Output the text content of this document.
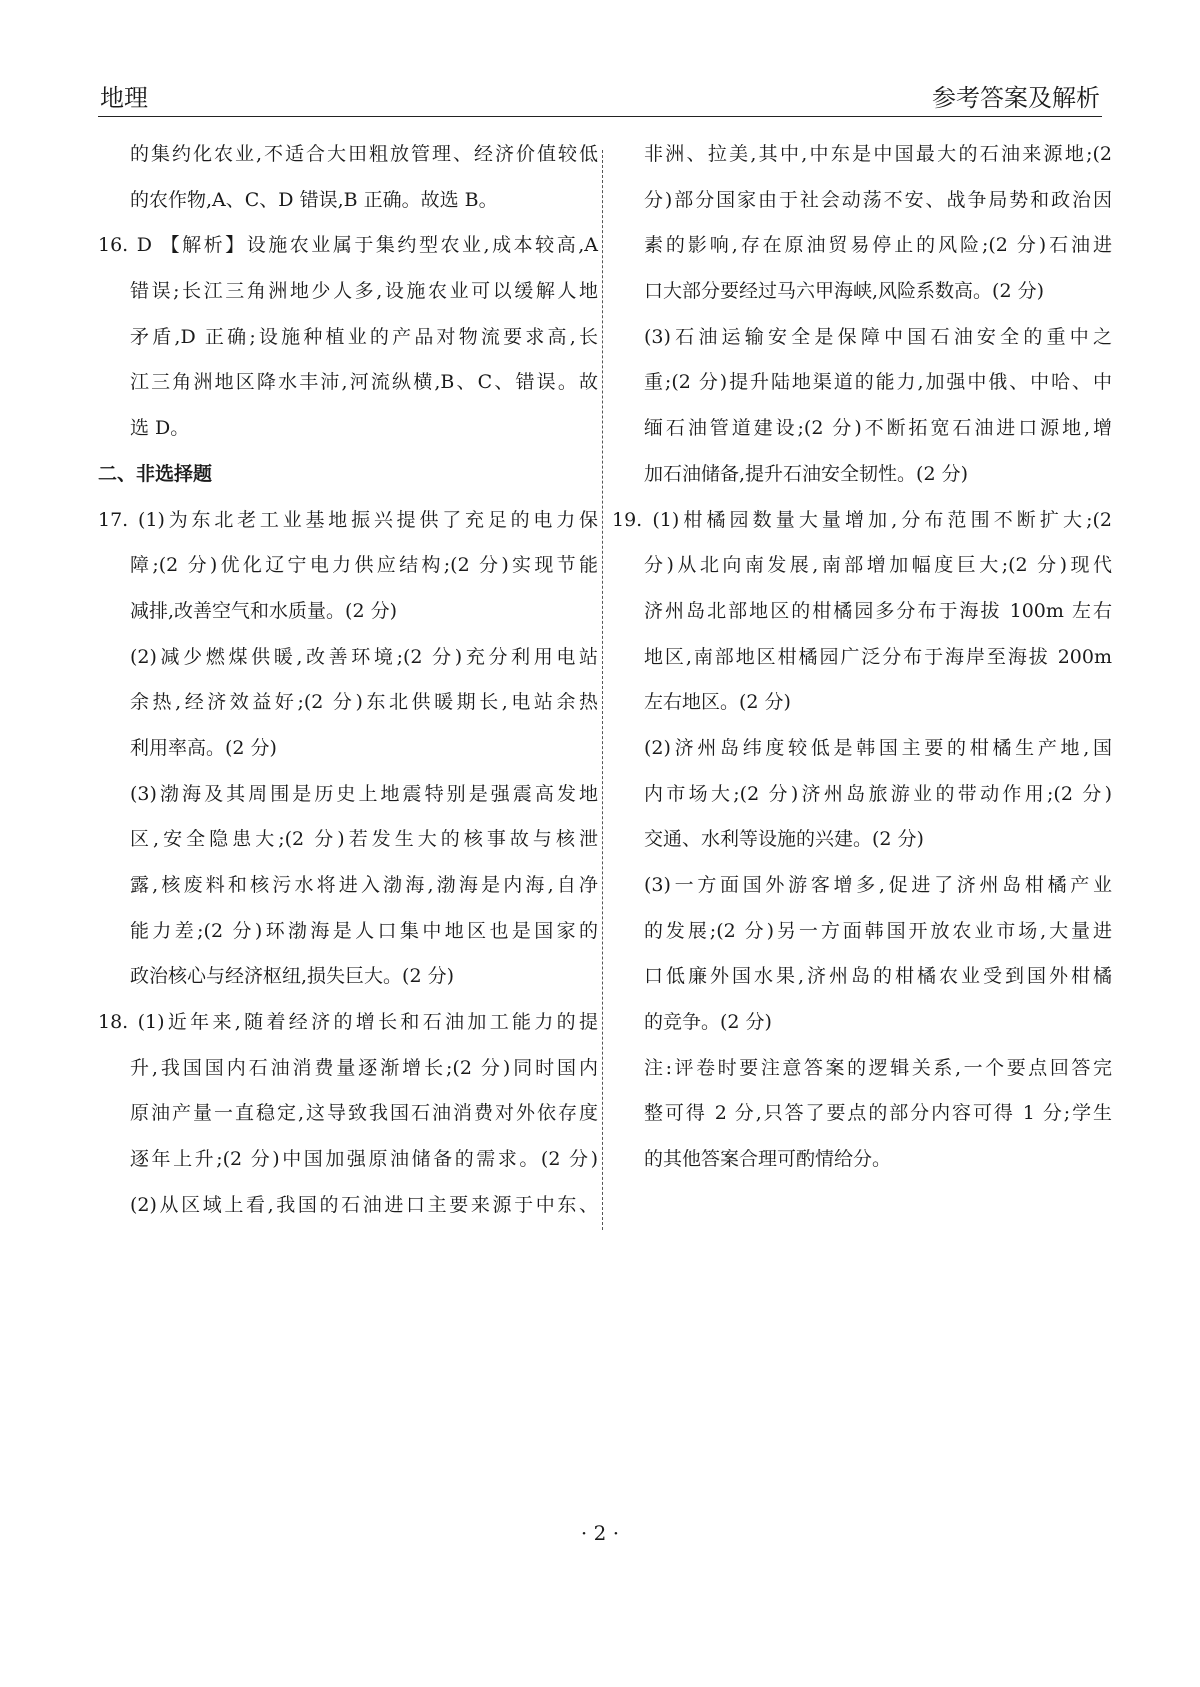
地理	参考答案及解析
的集约化农业,不适合大田粗放管理、经济价值较低
的农作物,A、C、D 错误,B 正确。故选 B。
16. D 【解析】设施农业属于集约型农业,成本较高,A
错误;长江三角洲地少人多,设施农业可以缓解人地
矛盾,D 正确;设施种植业的产品对物流要求高,长
江三角洲地区降水丰沛,河流纵横,B、C、错误。故
选 D。
二、非选择题
17. (1)为东北老工业基地振兴提供了充足的电力保
障;(2 分)优化辽宁电力供应结构;(2 分)实现节能
减排,改善空气和水质量。(2 分)
(2)减少燃煤供暖,改善环境;(2 分)充分利用电站
余热,经济效益好;(2 分)东北供暖期长,电站余热
利用率高。(2 分)
(3)渤海及其周围是历史上地震特别是强震高发地
区,安全隐患大;(2 分)若发生大的核事故与核泄
露,核废料和核污水将进入渤海,渤海是内海,自净
能力差;(2 分)环渤海是人口集中地区也是国家的
政治核心与经济枢纽,损失巨大。(2 分)
18. (1)近年来,随着经济的增长和石油加工能力的提
升,我国国内石油消费量逐渐增长;(2 分)同时国内
原油产量一直稳定,这导致我国石油消费对外依存度
逐年上升;(2 分)中国加强原油储备的需求。(2 分)
(2)从区域上看,我国的石油进口主要来源于中东、
非洲、拉美,其中,中东是中国最大的石油来源地;(2
分)部分国家由于社会动荡不安、战争局势和政治因
素的影响,存在原油贸易停止的风险;(2 分)石油进
口大部分要经过马六甲海峡,风险系数高。(2 分)
(3)石油运输安全是保障中国石油安全的重中之
重;(2 分)提升陆地渠道的能力,加强中俄、中哈、中
缅石油管道建设;(2 分)不断拓宽石油进口源地,增
加石油储备,提升石油安全韧性。(2 分)
19. (1)柑橘园数量大量增加,分布范围不断扩大;(2
分)从北向南发展,南部增加幅度巨大;(2 分)现代
济州岛北部地区的柑橘园多分布于海拔 100m 左右
地区,南部地区柑橘园广泛分布于海岸至海拔 200m
左右地区。(2 分)
(2)济州岛纬度较低是韩国主要的柑橘生产地,国
内市场大;(2 分)济州岛旅游业的带动作用;(2 分)
交通、水利等设施的兴建。(2 分)
(3)一方面国外游客增多,促进了济州岛柑橘产业
的发展;(2 分)另一方面韩国开放农业市场,大量进
口低廉外国水果,济州岛的柑橘农业受到国外柑橘
的竞争。(2 分)
注:评卷时要注意答案的逻辑关系,一个要点回答完
整可得 2 分,只答了要点的部分内容可得 1 分;学生
的其他答案合理可酌情给分。
· 2 ·
